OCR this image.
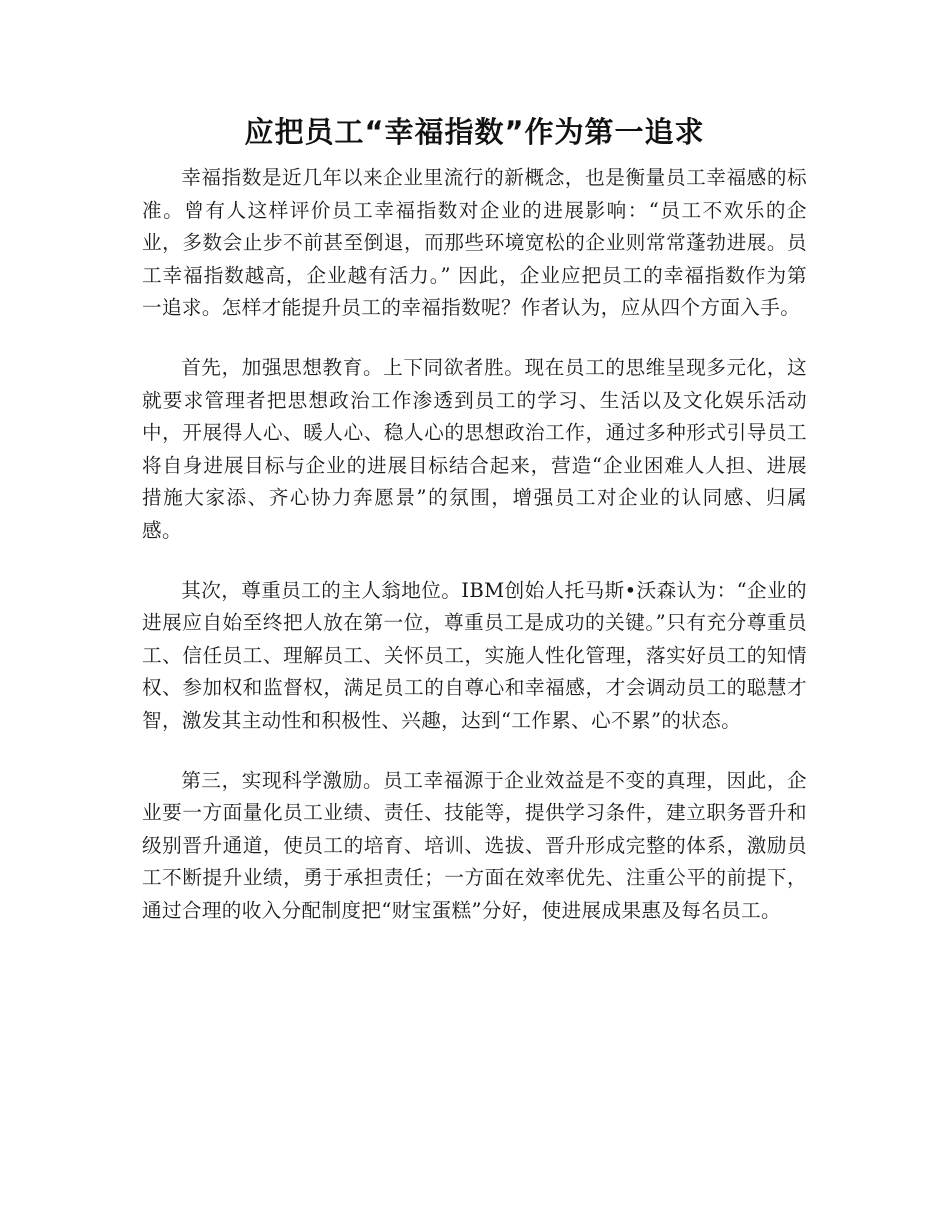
应把员工“幸福指数”作为第一追求

幸福指数是近几年以来企业里流行的新概念，也是衡量员工幸福感的标准。曾有人这样评价员工幸福指数对企业的进展影响：“员工不欢乐的企业，多数会止步不前甚至倒退，而那些环境宽松的企业则常常蓬勃进展。员工幸福指数越高，企业越有活力。” 因此，企业应把员工的幸福指数作为第一追求。怎样才能提升员工的幸福指数呢？作者认为，应从四个方面入手。

首先，加强思想教育。上下同欲者胜。现在员工的思维呈现多元化，这就要求管理者把思想政治工作渗透到员工的学习、生活以及文化娱乐活动中，开展得人心、暖人心、稳人心的思想政治工作，通过多种形式引导员工将自身进展目标与企业的进展目标结合起来，营造“企业困难人人担、进展措施大家添、齐心协力奔愿景”的氛围，增强员工对企业的认同感、归属感。

其次，尊重员工的主人翁地位。IBM创始人托马斯•沃森认为：“企业的进展应自始至终把人放在第一位，尊重员工是成功的关键。”只有充分尊重员工、信任员工、理解员工、关怀员工，实施人性化管理，落实好员工的知情权、参加权和监督权，满足员工的自尊心和幸福感，才会调动员工的聪慧才智，激发其主动性和积极性、兴趣，达到“工作累、心不累”的状态。

第三，实现科学激励。员工幸福源于企业效益是不变的真理，因此，企业要一方面量化员工业绩、责任、技能等，提供学习条件，建立职务晋升和级别晋升通道，使员工的培育、培训、选拔、晋升形成完整的体系，激励员工不断提升业绩，勇于承担责任；一方面在效率优先、注重公平的前提下，通过合理的收入分配制度把“财宝蛋糕”分好，使进展成果惠及每名员工。
